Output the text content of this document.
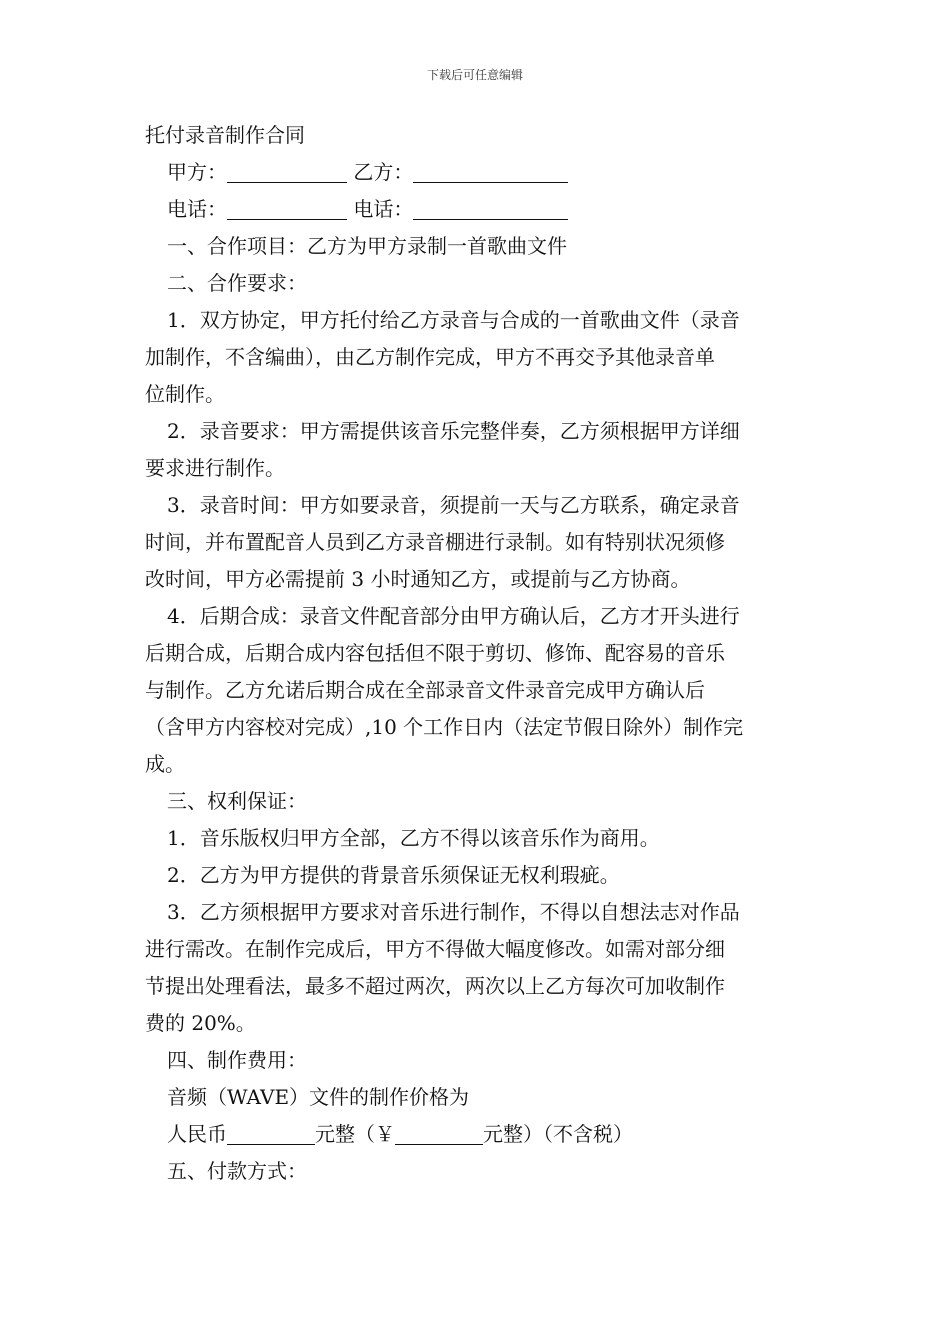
下载后可任意编辑
托付录音制作合同
甲方：	乙方：
电话：	电话：
一、合作项目：乙方为甲方录制一首歌曲文件
二、合作要求：
1．双方协定，甲方托付给乙方录音与合成的一首歌曲文件（录音
加制作，不含编曲），由乙方制作完成，甲方不再交予其他录音单
位制作。
2．录音要求：甲方需提供该音乐完整伴奏，乙方须根据甲方详细
要求进行制作。
3．录音时间：甲方如要录音，须提前一天与乙方联系，确定录音
时间，并布置配音人员到乙方录音棚进行录制。如有特别状况须修
改时间，甲方必需提前 3 小时通知乙方，或提前与乙方协商。
4．后期合成：录音文件配音部分由甲方确认后，乙方才开头进行
后期合成，后期合成内容包括但不限于剪切、修饰、配容易的音乐
与制作。乙方允诺后期合成在全部录音文件录音完成甲方确认后
（含甲方内容校对完成）,10 个工作日内（法定节假日除外）制作完
成。
三、权利保证：
1．音乐版权归甲方全部，乙方不得以该音乐作为商用。
2．乙方为甲方提供的背景音乐须保证无权利瑕疵。
3．乙方须根据甲方要求对音乐进行制作，不得以自想法志对作品
进行需改。在制作完成后，甲方不得做大幅度修改。如需对部分细
节提出处理看法，最多不超过两次，两次以上乙方每次可加收制作
费的 20%。
四、制作费用：
音频（WAVE）文件的制作价格为
人民币	元整（￥	元整）（不含税）
五、付款方式：
